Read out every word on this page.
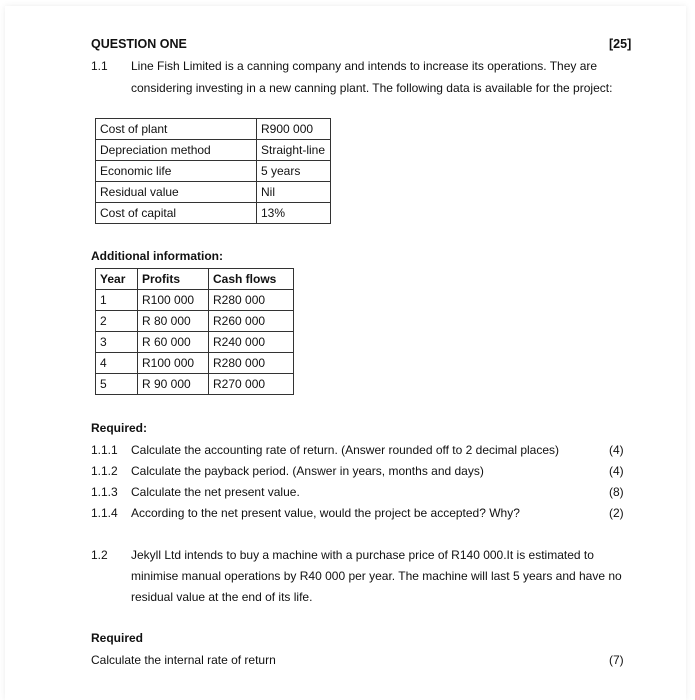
QUESTION ONE	[25]
1.1 Line Fish Limited is a canning company and intends to increase its operations. They are
considering investing in a new canning plant. The following data is available for the project:
Cost of plant	R900 000
Depreciation method	Straight-line
Economic life	5 years
Residual value	Nil
Cost of capital	13%
Additional information:
Year	Profits	Cash flows
1	R100 000	R280 000
2	R 80 000	R260 000
3	R 60 000	R240 000
4	R100 000	R280 000
5	R 90 000	R270 000
Required:
1.1.1 Calculate the accounting rate of return. (Answer rounded off to 2 decimal places)	(4)
1.1.2 Calculate the payback period. (Answer in years, months and days)	(4)
1.1.3 Calculate the net present value.	(8)
1.1.4 According to the net present value, would the project be accepted? Why?	(2)
1.2 Jekyll Ltd intends to buy a machine with a purchase price of R140 000.It is estimated to
minimise manual operations by R40 000 per year. The machine will last 5 years and have no
residual value at the end of its life.
Required
Calculate the internal rate of return	(7)
